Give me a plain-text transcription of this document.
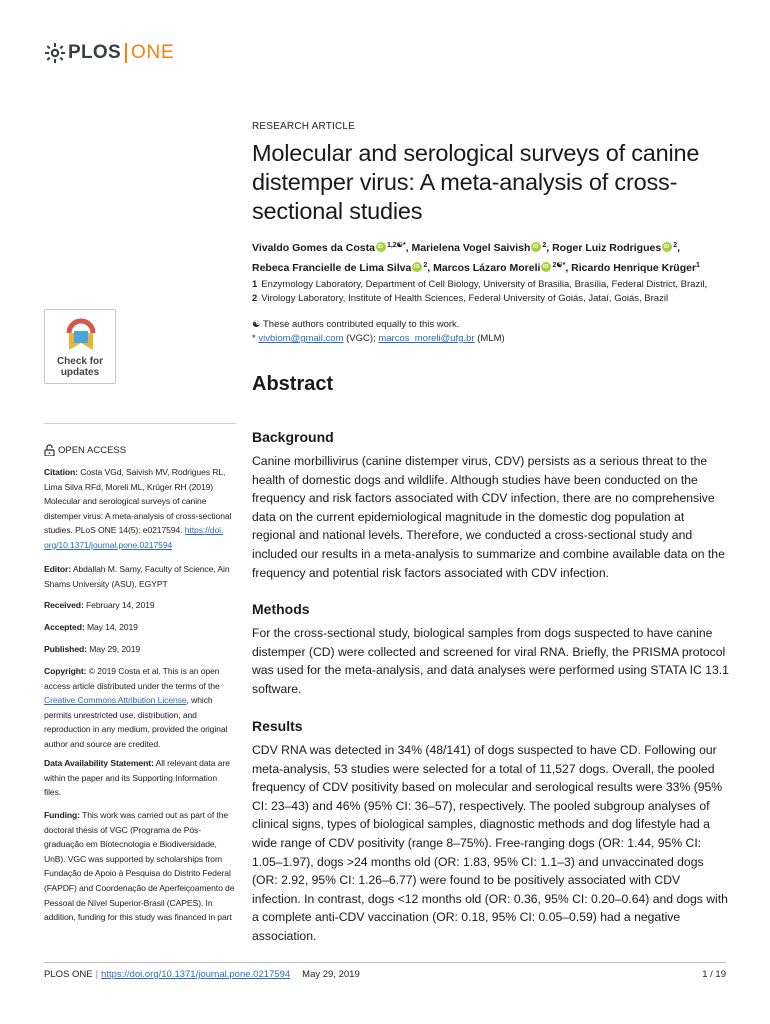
PLOS ONE
RESEARCH ARTICLE
Molecular and serological surveys of canine distemper virus: A meta-analysis of cross-sectional studies
Vivaldo Gomes da Costa iD $^{1,2☯*}$, Marielena Vogel Saivish iD $^2$, Roger Luiz Rodrigues iD $^2$,
Rebeca Francielle de Lima Silva iD $^2$, Marcos Lázaro Moreli iD $^{2☯*}$, Ricardo Henrique Krüger$^1$
1 Enzymology Laboratory, Department of Cell Biology, University of Brasilia, Brasília, Federal District, Brazil,
2 Virology Laboratory, Institute of Health Sciences, Federal University of Goiás, Jataí, Goiás, Brazil
☯ These authors contributed equally to this work.
* vivbiom@gmail.com (VGC); marcos_moreli@ufg.br (MLM)
Check for
updates
OPEN ACCESS
Citation: Costa VGd, Saivish MV, Rodrigues RL,
Lima Silva RFd, Moreli ML, Krüger RH (2019)
Molecular and serological surveys of canine
distemper virus: A meta-analysis of cross-sectional
studies. PLoS ONE 14(5): e0217594. https://doi.
org/10.1371/journal.pone.0217594
Editor: Abdallah M. Samy, Faculty of Science, Ain
Shams University (ASU), EGYPT
Received: February 14, 2019
Accepted: May 14, 2019
Published: May 29, 2019
Copyright: © 2019 Costa et al. This is an open
access article distributed under the terms of the
Creative Commons Attribution License, which
permits unrestricted use, distribution, and
reproduction in any medium, provided the original
author and source are credited.
Data Availability Statement: All relevant data are
within the paper and its Supporting Information
files.
Funding: This work was carried out as part of the
doctoral thesis of VGC (Programa de Pós-
graduação em Biotecnologia e Biodiversidade,
UnB). VGC was supported by scholarships from
Fundação de Apoio à Pesquisa do Distrito Federal
(FAPDF) and Coordenação de Aperfeiçoamento de
Pessoal de Nível Superior-Brasil (CAPES). In
addition, funding for this study was financed in part
Abstract
Background

Canine morbillivirus (canine distemper virus, CDV) persists as a serious threat to the health of domestic dogs and wildlife. Although studies have been conducted on the frequency and risk factors associated with CDV infection, there are no comprehensive data on the current epidemiological magnitude in the domestic dog population at regional and national levels. Therefore, we conducted a cross-sectional study and included our results in a meta-analysis to summarize and combine available data on the frequency and potential risk factors associated with CDV infection.

Methods

For the cross-sectional study, biological samples from dogs suspected to have canine distemper (CD) were collected and screened for viral RNA. Briefly, the PRISMA protocol was used for the meta-analysis, and data analyses were performed using STATA IC 13.1 software.

Results

CDV RNA was detected in 34% (48/141) of dogs suspected to have CD. Following our meta-analysis, 53 studies were selected for a total of 11,527 dogs. Overall, the pooled frequency of CDV positivity based on molecular and serological results were 33% (95% CI: 23–43) and 46% (95% CI: 36–57), respectively. The pooled subgroup analyses of clinical signs, types of biological samples, diagnostic methods and dog lifestyle had a wide range of CDV positivity (range 8–75%). Free-ranging dogs (OR: 1.44, 95% CI: 1.05–1.97), dogs >24 months old (OR: 1.83, 95% CI: 1.1–3) and unvaccinated dogs (OR: 2.92, 95% CI: 1.26–6.77) were found to be positively associated with CDV infection. In contrast, dogs <12 months old (OR: 0.36, 95% CI: 0.20–0.64) and dogs with a complete anti-CDV vaccination (OR: 0.18, 95% CI: 0.05–0.59) had a negative association.

PLOS ONE | https://doi.org/10.1371/journal.pone.0217594 May 29, 2019	1 / 19
